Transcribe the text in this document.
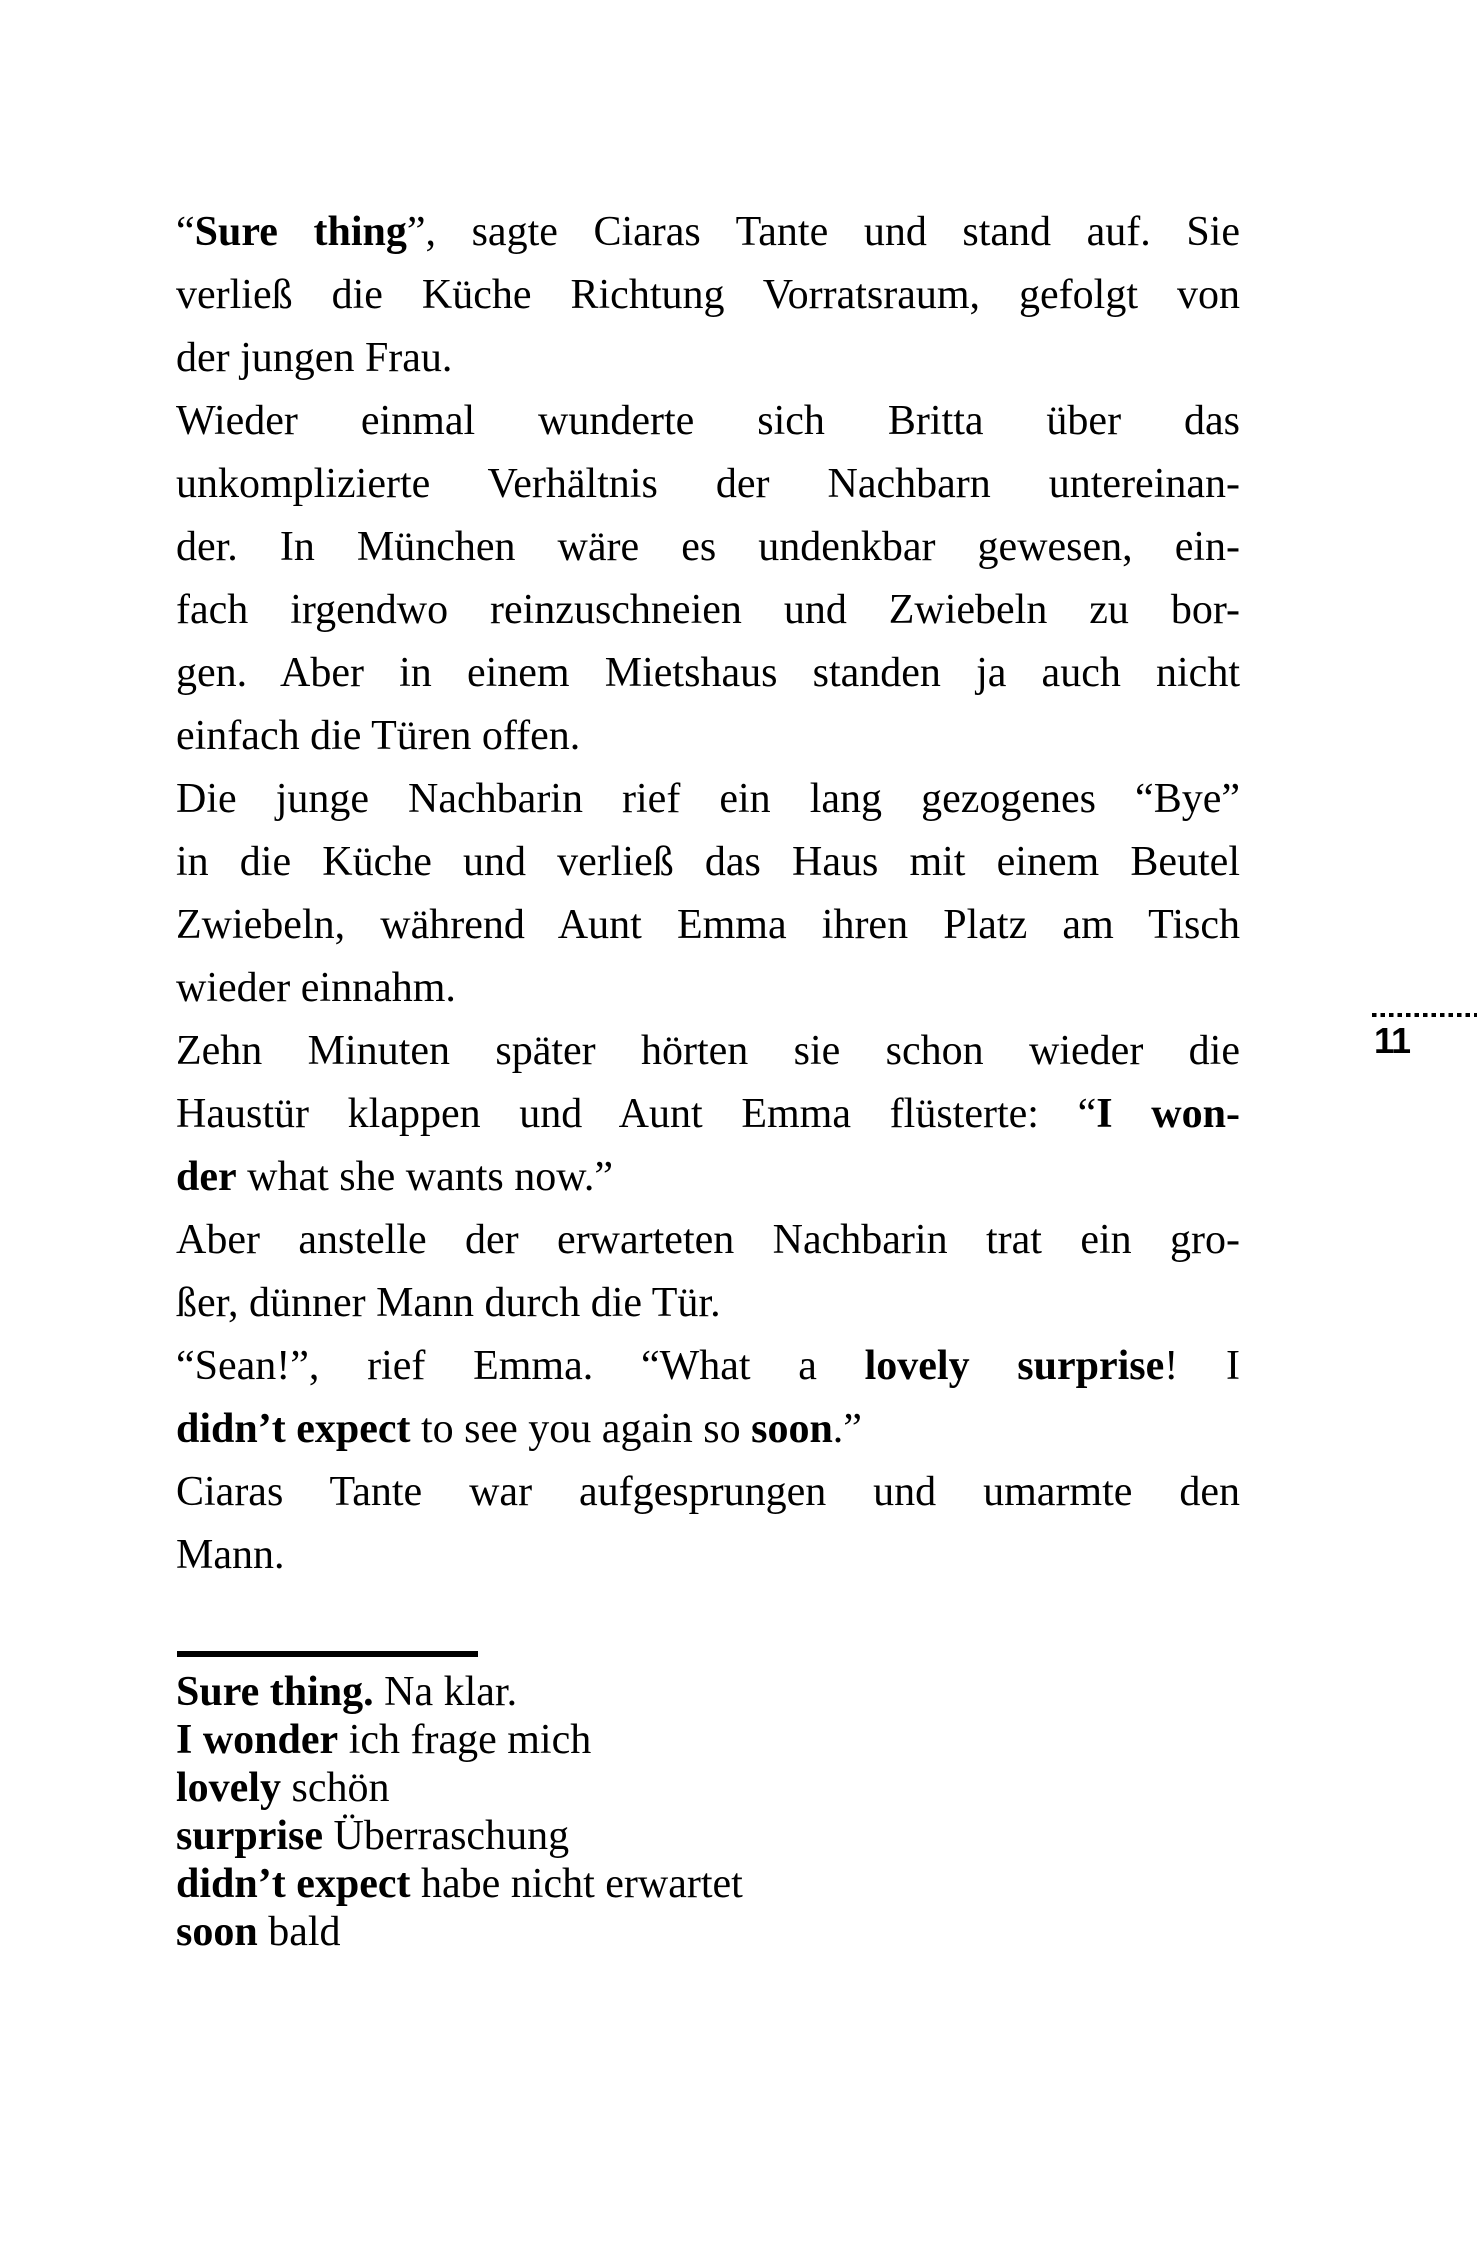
“Sure thing”, sagte Ciaras Tante und stand auf. Sie
verließ die Küche Richtung Vorratsraum, gefolgt von
der jungen Frau.
Wieder einmal wunderte sich Britta über das
unkomplizierte Verhältnis der Nachbarn untereinan-
der. In München wäre es undenkbar gewesen, ein-
fach irgendwo reinzuschneien und Zwiebeln zu bor-
gen. Aber in einem Mietshaus standen ja auch nicht
einfach die Türen offen.
Die junge Nachbarin rief ein lang gezogenes “Bye”
in die Küche und verließ das Haus mit einem Beutel
Zwiebeln, während Aunt Emma ihren Platz am Tisch
wieder einnahm.
Zehn Minuten später hörten sie schon wieder die
Haustür klappen und Aunt Emma flüsterte: “I won-
der what she wants now.”
Aber anstelle der erwarteten Nachbarin trat ein gro-
ßer, dünner Mann durch die Tür.
“Sean!”, rief Emma. “What a lovely surprise! I
didn’t expect to see you again so soon.”
Ciaras Tante war aufgesprungen und umarmte den
Mann.
11
Sure thing. Na klar.
I wonder ich frage mich
lovely schön
surprise Überraschung
didn’t expect habe nicht erwartet
soon bald
